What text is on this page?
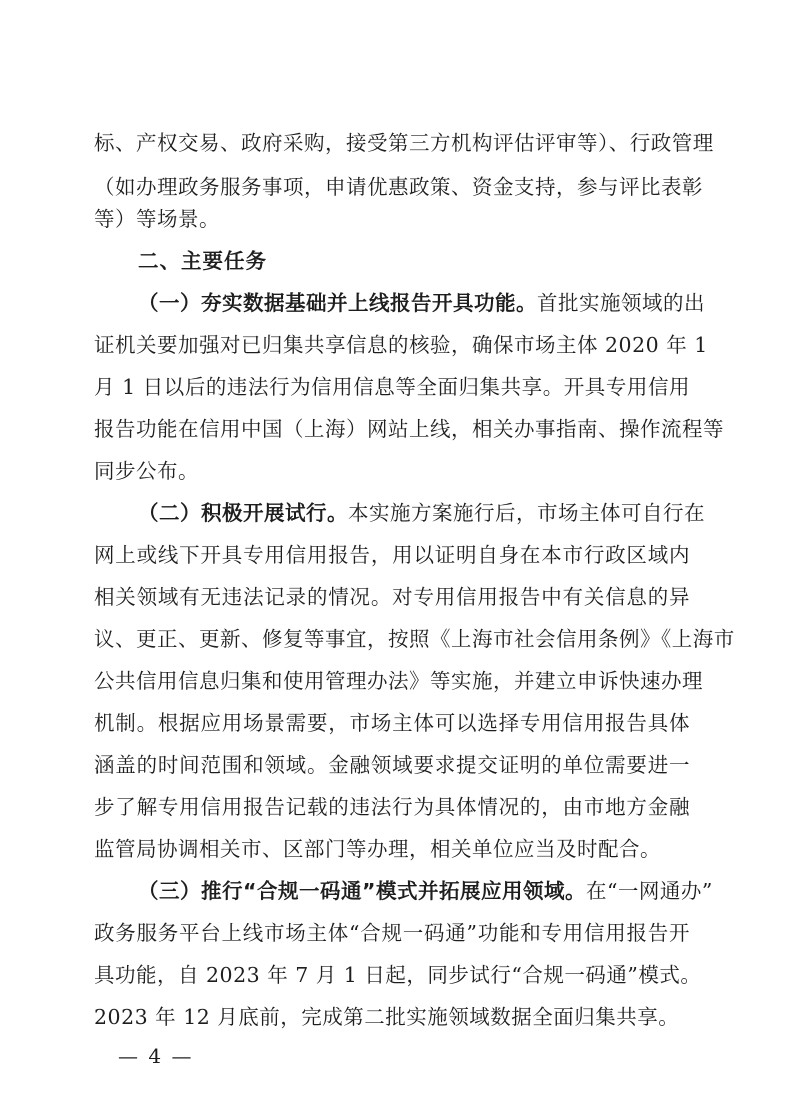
标、产权交易、政府采购，接受第三方机构评估评审等）、行政管理
（如办理政务服务事项，申请优惠政策、资金支持，参与评比表彰
等）等场景。
二、主要任务
（一）夯实数据基础并上线报告开具功能。首批实施领域的出
证机关要加强对已归集共享信息的核验，确保市场主体 2020 年 1
月 1 日以后的违法行为信用信息等全面归集共享。开具专用信用
报告功能在信用中国（上海）网站上线，相关办事指南、操作流程等
同步公布。
（二）积极开展试行。本实施方案施行后，市场主体可自行在
网上或线下开具专用信用报告，用以证明自身在本市行政区域内
相关领域有无违法记录的情况。对专用信用报告中有关信息的异
议、更正、更新、修复等事宜，按照《上海市社会信用条例》《上海市
公共信用信息归集和使用管理办法》等实施，并建立申诉快速办理
机制。根据应用场景需要，市场主体可以选择专用信用报告具体
涵盖的时间范围和领域。金融领域要求提交证明的单位需要进一
步了解专用信用报告记载的违法行为具体情况的，由市地方金融
监管局协调相关市、区部门等办理，相关单位应当及时配合。
（三）推行“合规一码通”模式并拓展应用领域。在“一网通办”
政务服务平台上线市场主体“合规一码通”功能和专用信用报告开
具功能，自 2023 年 7 月 1 日起，同步试行“合规一码通”模式。
2023 年 12 月底前，完成第二批实施领域数据全面归集共享。
— 4 —
